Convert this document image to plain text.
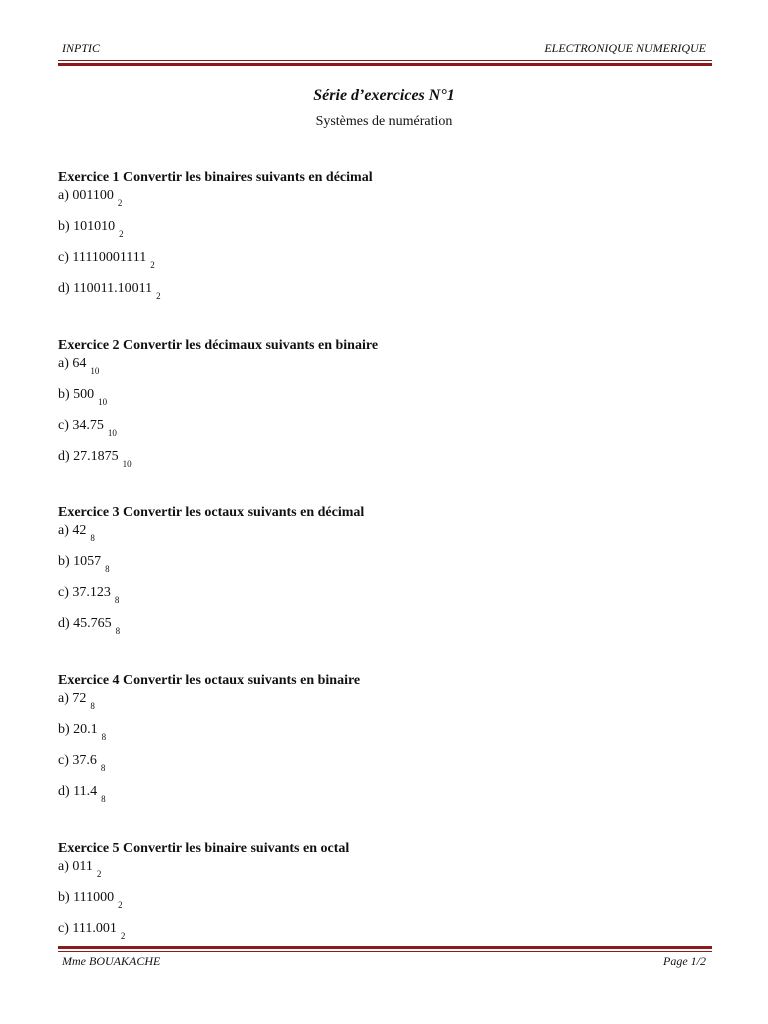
INPTIC	ELECTRONIQUE NUMERIQUE
Série d’exercices N°1
Systèmes de numération
Exercice 1 Convertir les binaires suivants en décimal
a) 001100 $_2$
b) 101010 $_2$
c) 11110001111 $_2$
d) 110011.10011 $_2$
Exercice 2 Convertir les décimaux suivants en binaire
a) 64 $_{10}$
b) 500 $_{10}$
c) 34.75 $_{10}$
d) 27.1875 $_{10}$
Exercice 3 Convertir les octaux suivants en décimal
a) 42 $_8$
b) 1057 $_8$
c) 37.123 $_8$
d) 45.765 $_8$
Exercice 4 Convertir les octaux suivants en binaire
a) 72 $_8$
b) 20.1 $_8$
c) 37.6 $_8$
d) 11.4 $_8$
Exercice 5 Convertir les binaire suivants en octal
a) 011 $_2$
b) 111000 $_2$
c) 111.001 $_2$
Mme BOUAKACHE	Page 1/2
